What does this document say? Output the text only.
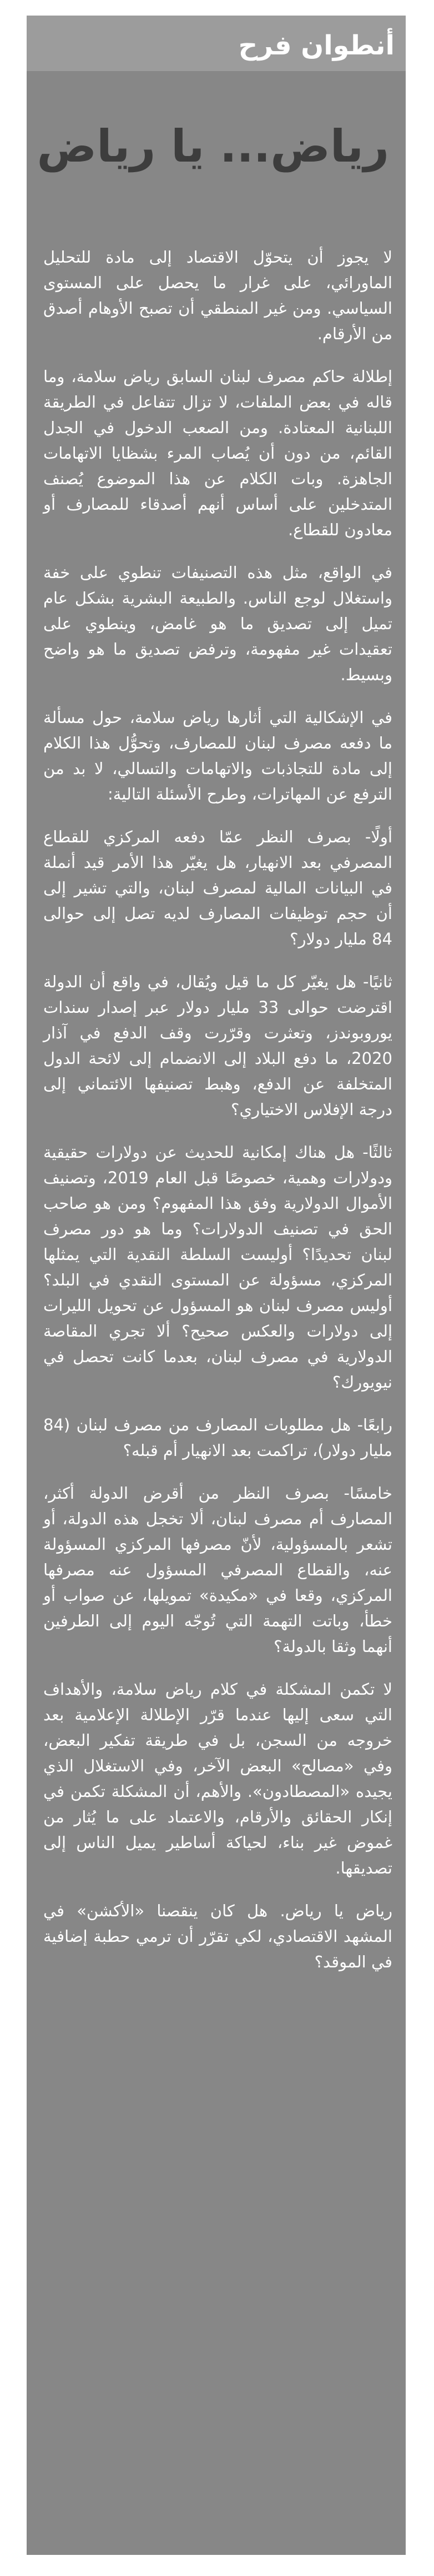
أنطوان فرح
رياض... يا رياض

لا يجوز أن يتحوّل الاقتصاد إلى مادة للتحليل الماورائي، على غرار ما يحصل على المستوى السياسي. ومن غير المنطقي أن تصبح الأوهام أصدق من الأرقام.

إطلالة حاكم مصرف لبنان السابق رياض سلامة، وما قاله في بعض الملفات، لا تزال تتفاعل في الطريقة اللبنانية المعتادة. ومن الصعب الدخول في الجدل القائم، من دون أن يُصاب المرء بشظايا الاتهامات الجاهزة. وبات الكلام عن هذا الموضوع يُصنف المتدخلين على أساس أنهم أصدقاء للمصارف أو معادون للقطاع.

في الواقع، مثل هذه التصنيفات تنطوي على خفة واستغلال لوجع الناس. والطبيعة البشرية بشكل عام تميل إلى تصديق ما هو غامض، وينطوي على تعقيدات غير مفهومة، وترفض تصديق ما هو واضح وبسيط.

في الإشكالية التي أثارها رياض سلامة، حول مسألة ما دفعه مصرف لبنان للمصارف، وتحوُّل هذا الكلام إلى مادة للتجاذبات والاتهامات والتسالي، لا بد من الترفع عن المهاترات، وطرح الأسئلة التالية:

أولًا- بصرف النظر عمّا دفعه المركزي للقطاع المصرفي بعد الانهيار، هل يغيّر هذا الأمر قيد أنملة في البيانات المالية لمصرف لبنان، والتي تشير إلى أن حجم توظيفات المصارف لديه تصل إلى حوالى 84 مليار دولار؟

ثانيًا- هل يغيّر كل ما قيل ويُقال، في واقع أن الدولة اقترضت حوالى 33 مليار دولار عبر إصدار سندات يوروبوندز، وتعثرت وقرّرت وقف الدفع في آذار 2020، ما دفع البلاد إلى الانضمام إلى لائحة الدول المتخلفة عن الدفع، وهبط تصنيفها الائتماني إلى درجة الإفلاس الاختياري؟

ثالثًا- هل هناك إمكانية للحديث عن دولارات حقيقية ودولارات وهمية، خصوصًا قبل العام 2019، وتصنيف الأموال الدولارية وفق هذا المفهوم؟ ومن هو صاحب الحق في تصنيف الدولارات؟ وما هو دور مصرف لبنان تحديدًا؟ أوليست السلطة النقدية التي يمثلها المركزي، مسؤولة عن المستوى النقدي في البلد؟ أوليس مصرف لبنان هو المسؤول عن تحويل الليرات إلى دولارات والعكس صحيح؟ ألا تجري المقاصة الدولارية في مصرف لبنان، بعدما كانت تحصل في نيويورك؟

رابعًا- هل مطلوبات المصارف من مصرف لبنان (84 مليار دولار)، تراكمت بعد الانهيار أم قبله؟

خامسًا- بصرف النظر من أقرض الدولة أكثر، المصارف أم مصرف لبنان، ألا تخجل هذه الدولة، أو تشعر بالمسؤولية، لأنّ مصرفها المركزي المسؤولة عنه، والقطاع المصرفي المسؤول عنه مصرفها المركزي، وقعا في «مكيدة» تمويلها، عن صواب أو خطأ، وباتت التهمة التي تُوجّه اليوم إلى الطرفين أنهما وثقا بالدولة؟

لا تكمن المشكلة في كلام رياض سلامة، والأهداف التي سعى إليها عندما قرّر الإطلالة الإعلامية بعد خروجه من السجن، بل في طريقة تفكير البعض، وفي «مصالح» البعض الآخر، وفي الاستغلال الذي يجيده «المصطادون». والأهم، أن المشكلة تكمن في إنكار الحقائق والأرقام، والاعتماد على ما يُثار من غموض غير بناء، لحياكة أساطير يميل الناس إلى تصديقها.

رياض يا رياض. هل كان ينقصنا «الأكشن» في المشهد الاقتصادي، لكي تقرّر أن ترمي حطبة إضافية في الموقد؟
